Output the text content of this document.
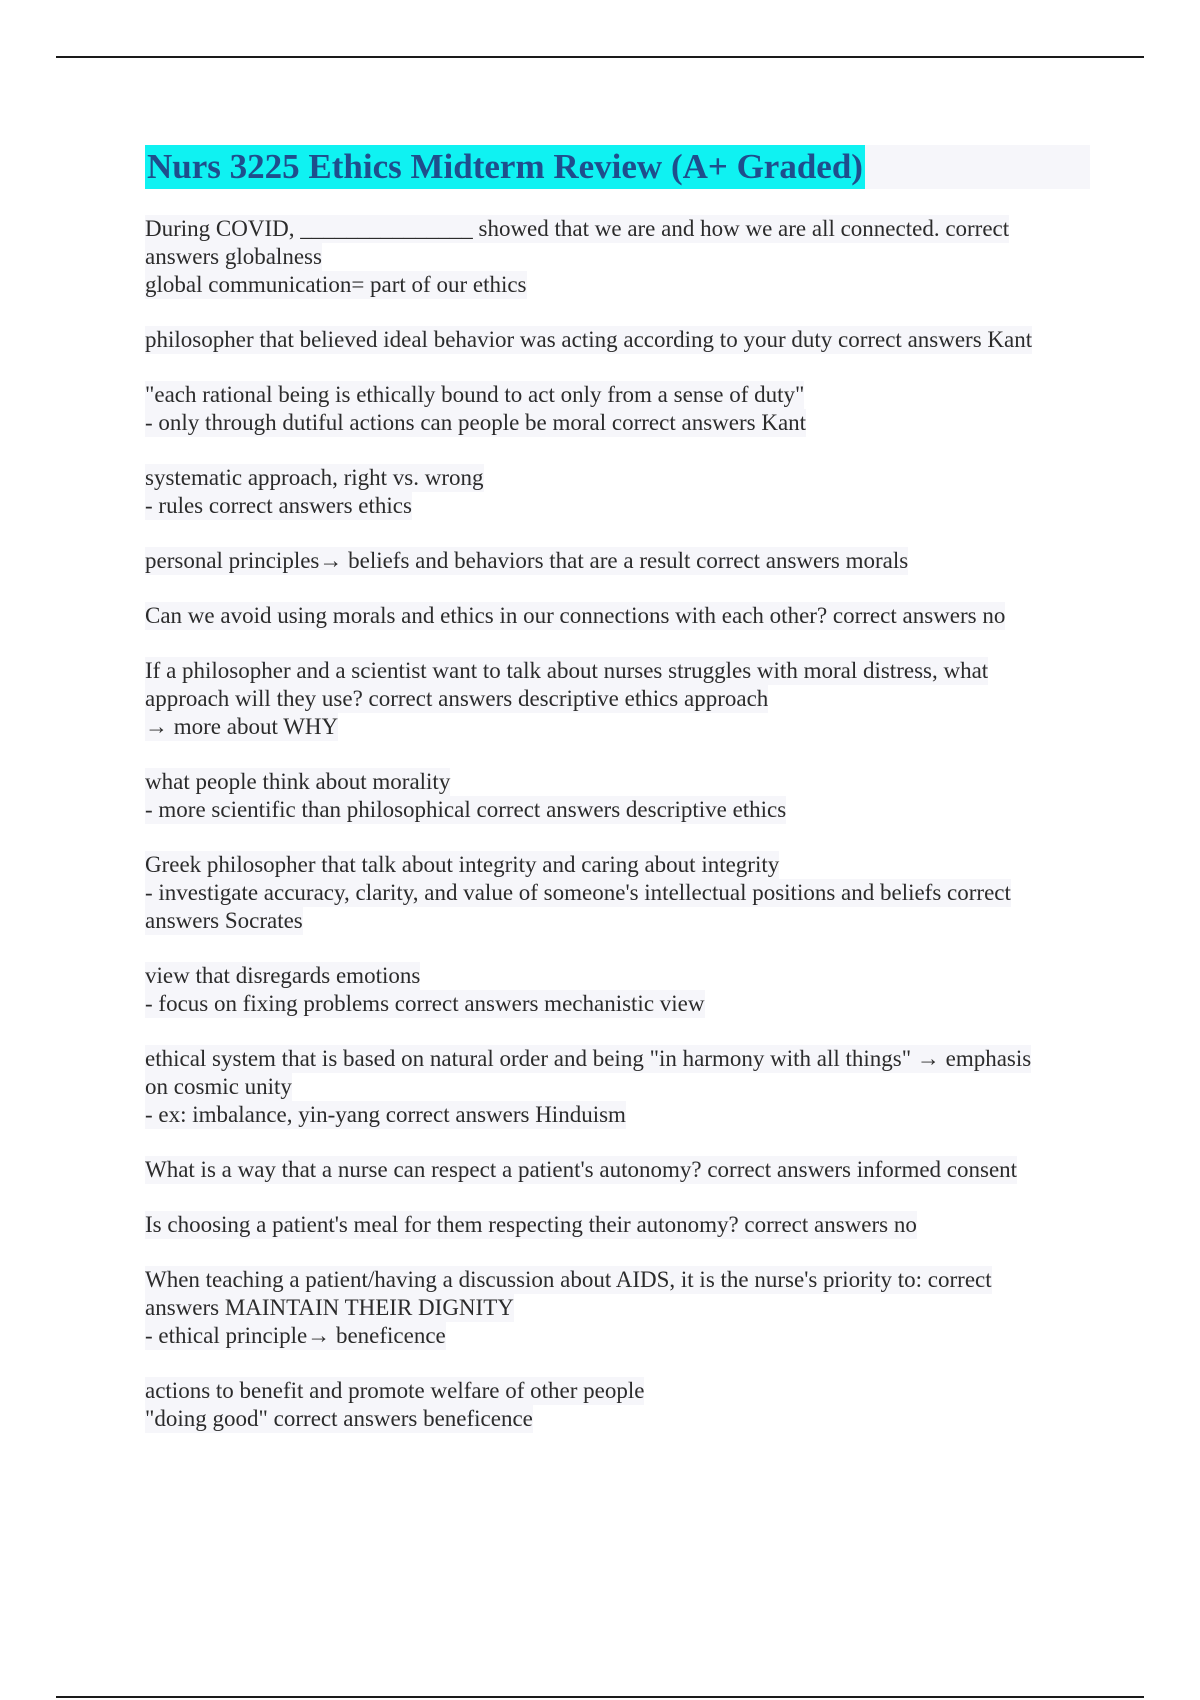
Nurs 3225 Ethics Midterm Review (A+ Graded)
During COVID, _______________ showed that we are and how we are all connected. correct
answers globalness
global communication= part of our ethics
philosopher that believed ideal behavior was acting according to your duty correct answers Kant
"each rational being is ethically bound to act only from a sense of duty"
- only through dutiful actions can people be moral correct answers Kant
systematic approach, right vs. wrong
- rules correct answers ethics
personal principles→ beliefs and behaviors that are a result correct answers morals
Can we avoid using morals and ethics in our connections with each other? correct answers no
If a philosopher and a scientist want to talk about nurses struggles with moral distress, what
approach will they use? correct answers descriptive ethics approach
→ more about WHY
what people think about morality
- more scientific than philosophical correct answers descriptive ethics
Greek philosopher that talk about integrity and caring about integrity
- investigate accuracy, clarity, and value of someone's intellectual positions and beliefs correct
answers Socrates
view that disregards emotions
- focus on fixing problems correct answers mechanistic view
ethical system that is based on natural order and being "in harmony with all things" → emphasis
on cosmic unity
- ex: imbalance, yin-yang correct answers Hinduism
What is a way that a nurse can respect a patient's autonomy? correct answers informed consent
Is choosing a patient's meal for them respecting their autonomy? correct answers no
When teaching a patient/having a discussion about AIDS, it is the nurse's priority to: correct
answers MAINTAIN THEIR DIGNITY
- ethical principle→ beneficence
actions to benefit and promote welfare of other people
"doing good" correct answers beneficence
